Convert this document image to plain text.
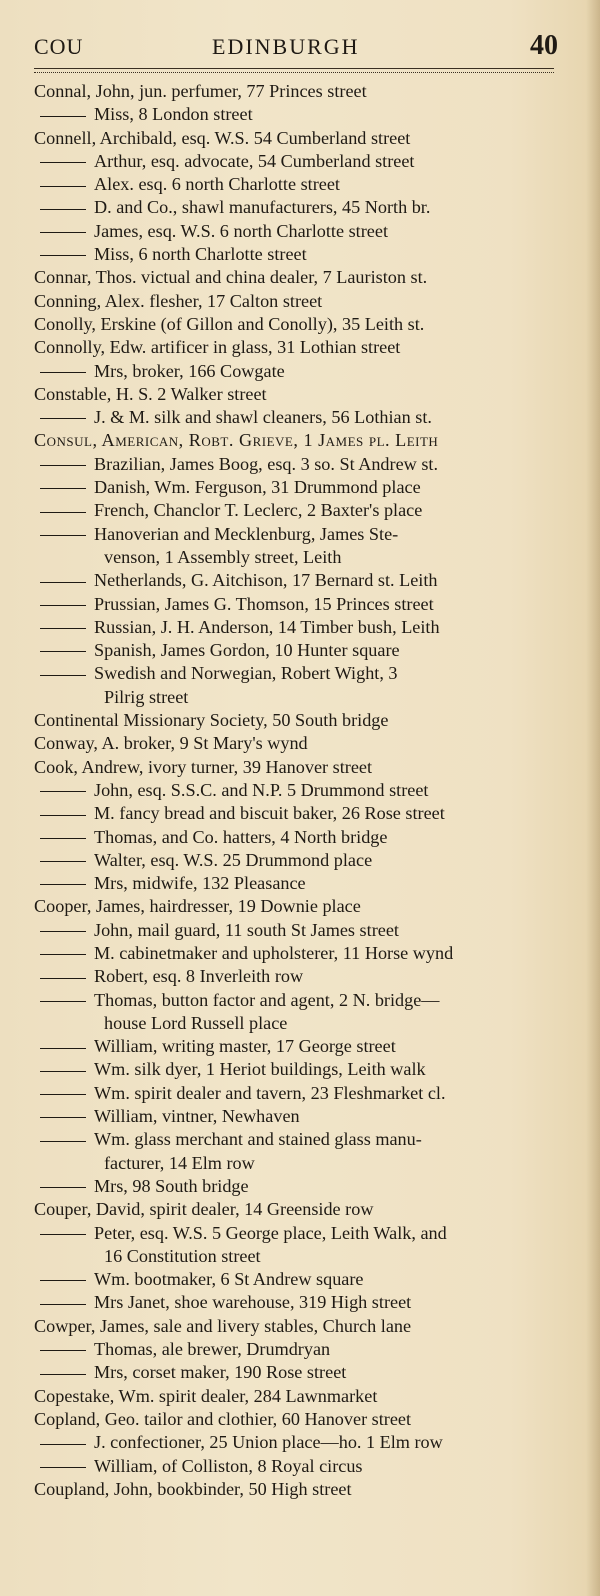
COU	EDINBURGH	40
Connal, John, jun. perfumer, 77 Princes street
Miss, 8 London street
Connell, Archibald, esq. W.S. 54 Cumberland street
Arthur, esq. advocate, 54 Cumberland street
Alex. esq. 6 north Charlotte street
D. and Co., shawl manufacturers, 45 North br.
James, esq. W.S. 6 north Charlotte street
Miss, 6 north Charlotte street
Connar, Thos. victual and china dealer, 7 Lauriston st.
Conning, Alex. flesher, 17 Calton street
Conolly, Erskine (of Gillon and Conolly), 35 Leith st.
Connolly, Edw. artificer in glass, 31 Lothian street
Mrs, broker, 166 Cowgate
Constable, H. S. 2 Walker street
J. & M. silk and shawl cleaners, 56 Lothian st.
Consul, American, Robt. Grieve, 1 James pl. Leith
Brazilian, James Boog, esq. 3 so. St Andrew st.
Danish, Wm. Ferguson, 31 Drummond place
French, Chanclor T. Leclerc, 2 Baxter's place
Hanoverian and Mecklenburg, James Ste-
venson, 1 Assembly street, Leith
Netherlands, G. Aitchison, 17 Bernard st. Leith
Prussian, James G. Thomson, 15 Princes street
Russian, J. H. Anderson, 14 Timber bush, Leith
Spanish, James Gordon, 10 Hunter square
Swedish and Norwegian, Robert Wight, 3
Pilrig street
Continental Missionary Society, 50 South bridge
Conway, A. broker, 9 St Mary's wynd
Cook, Andrew, ivory turner, 39 Hanover street
John, esq. S.S.C. and N.P. 5 Drummond street
M. fancy bread and biscuit baker, 26 Rose street
Thomas, and Co. hatters, 4 North bridge
Walter, esq. W.S. 25 Drummond place
Mrs, midwife, 132 Pleasance
Cooper, James, hairdresser, 19 Downie place
John, mail guard, 11 south St James street
M. cabinetmaker and upholsterer, 11 Horse wynd
Robert, esq. 8 Inverleith row
Thomas, button factor and agent, 2 N. bridge—
house Lord Russell place
William, writing master, 17 George street
Wm. silk dyer, 1 Heriot buildings, Leith walk
Wm. spirit dealer and tavern, 23 Fleshmarket cl.
William, vintner, Newhaven
Wm. glass merchant and stained glass manu-
facturer, 14 Elm row
Mrs, 98 South bridge
Couper, David, spirit dealer, 14 Greenside row
Peter, esq. W.S. 5 George place, Leith Walk, and
16 Constitution street
Wm. bootmaker, 6 St Andrew square
Mrs Janet, shoe warehouse, 319 High street
Cowper, James, sale and livery stables, Church lane
Thomas, ale brewer, Drumdryan
Mrs, corset maker, 190 Rose street
Copestake, Wm. spirit dealer, 284 Lawnmarket
Copland, Geo. tailor and clothier, 60 Hanover street
J. confectioner, 25 Union place—ho. 1 Elm row
William, of Colliston, 8 Royal circus
Coupland, John, bookbinder, 50 High street
